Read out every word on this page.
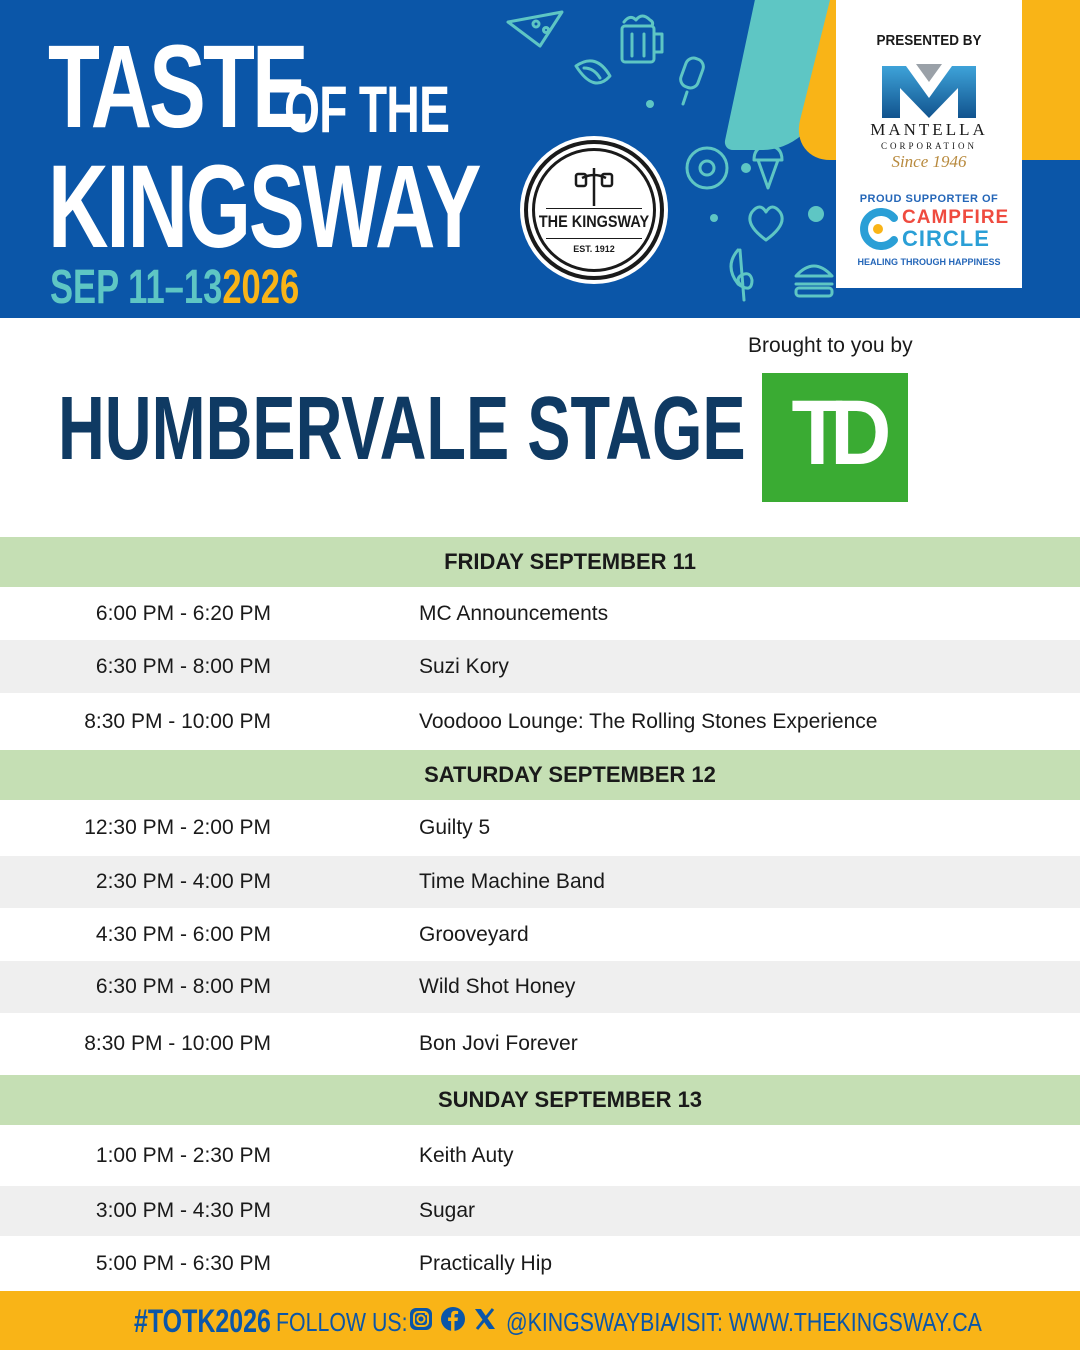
TASTE
OF THE
KINGSWAY
SEP 11–132026
THE KINGSWAY
EST. 1912
PRESENTED BY
MANTELLA
CORPORATION
Since 1946
PROUD SUPPORTER OF
CAMPFIRE
CIRCLE
HEALING THROUGH HAPPINESS
HUMBERVALE STAGE
Brought to you by
TD
FRIDAY SEPTEMBER 11
6:00 PM - 6:20 PM	MC Announcements
6:30 PM - 8:00 PM	Suzi Kory
8:30 PM - 10:00 PM	Voodooo Lounge: The Rolling Stones Experience
SATURDAY SEPTEMBER 12
12:30 PM - 2:00 PM	Guilty 5
2:30 PM - 4:00 PM	Time Machine Band
4:30 PM - 6:00 PM	Grooveyard
6:30 PM - 8:00 PM	Wild Shot Honey
8:30 PM - 10:00 PM	Bon Jovi Forever
SUNDAY SEPTEMBER 13
1:00 PM - 2:30 PM	Keith Auty
3:00 PM - 4:30 PM	Sugar
5:00 PM - 6:30 PM	Practically Hip
#TOTK2026 FOLLOW US:	@KINGSWAYBIA
VISIT: WWW.THEKINGSWAY.CA
